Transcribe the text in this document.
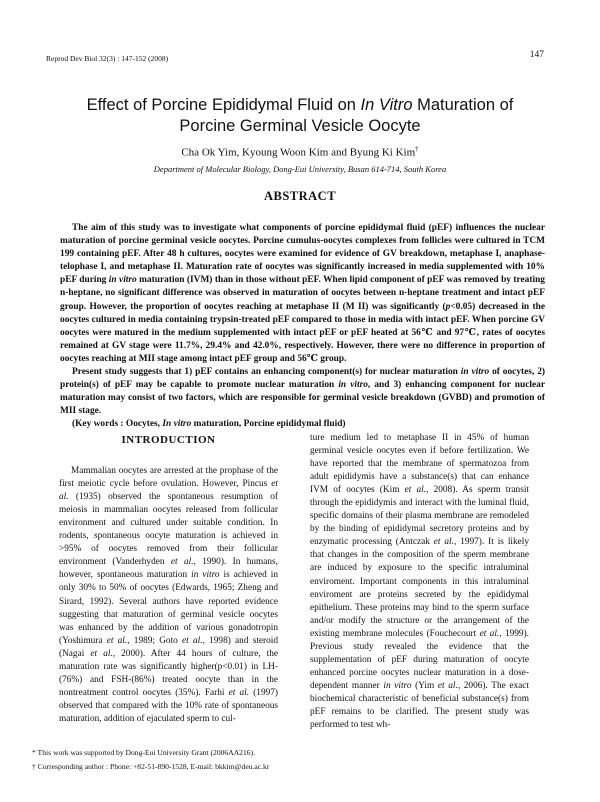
Reprod Dev Biol 32(3) : 147-152 (2008)	147
Effect of Porcine Epididymal Fluid on In Vitro Maturation of
Porcine Germinal Vesicle Oocyte
Cha Ok Yim, Kyoung Woon Kim and Byung Ki Kim†
Department of Molecular Biology, Dong-Eui University, Busan 614-714, South Korea
ABSTRACT

The aim of this study was to investigate what components of porcine epididymal fluid (pEF) influences the nuclear maturation of porcine germinal vesicle oocytes. Porcine cumulus-oocytes complexes from follicles were cultured in TCM 199 containing pEF. After 48 h cultures, oocytes were examined for evidence of GV breakdown, metaphase I, anaphase-telophase I, and metaphase II. Maturation rate of oocytes was significantly increased in media supplemented with 10% pEF during in vitro maturation (IVM) than in those without pEF. When lipid component of pEF was removed by treating n-heptane, no significant difference was observed in maturation of oocytes between n-heptane treatment and intact pEF group. However, the proportion of oocytes reaching at metaphase II (M II) was significantly (p<0.05) decreased in the oocytes cultured in media containing trypsin-treated pEF compared to those in media with intact pEF. When porcine GV oocytes were matured in the medium supplemented with intact pEF or pEF heated at 56℃ and 97℃, rates of oocytes remained at GV stage were 11.7%, 29.4% and 42.0%, respectively. However, there were no difference in proportion of oocytes reaching at MII stage among intact pEF group and 56℃ group.

Present study suggests that 1) pEF contains an enhancing component(s) for nuclear maturation in vitro of oocytes, 2) protein(s) of pEF may be capable to promote nuclear maturation in vitro, and 3) enhancing component for nuclear maturation may consist of two factors, which are responsible for germinal vesicle breakdown (GVBD) and promotion of MII stage.

(Key words : Oocytes, In vitro maturation, Porcine epididymal fluid)

INTRODUCTION

Mammalian oocytes are arrested at the prophase of the first meiotic cycle before ovulation. However, Pincus et al. (1935) observed the spontaneous resumption of meiosis in mammalian oocytes released from follicular environment and cultured under suitable condition. In rodents, spontaneous oocyte maturation is achieved in >95% of oocytes removed from their follicular environment (Vanderhyden et al., 1990). In humans, however, spontaneous maturation in vitro is achieved in only 30% to 50% of oocytes (Edwards, 1965; Zheng and Sirard, 1992). Several authors have reported evidence suggesting that maturation of germinal vesicle oocytes was enhanced by the addition of various gonadotropin (Yoshimura et al., 1989; Goto et al., 1998) and steroid (Nagai et al., 2000). After 44 hours of culture, the maturation rate was significantly higher(p<0.01) in LH-(76%) and FSH-(86%) treated oocyte than in the nontreatment control oocytes (35%). Farhi et al. (1997) observed that compared with the 10% rate of spontaneous maturation, addition of ejaculated sperm to cul-

ture medium led to metaphase II in 45% of human germinal vesicle oocytes even if before fertilization. We have reported that the membrane of spermatozoa from adult epididymis have a substance(s) that can enhance IVM of oocytes (Kim et al., 2008). As sperm transit through the epididymis and interact with the luminal fluid, specific domains of their plasma membrane are remodeled by the binding of epididymal secretory proteins and by enzymatic processing (Antczak et al., 1997). It is likely that changes in the composition of the sperm membrane are induced by exposure to the specific intraluminal enviroment. Important components in this intraluminal enviroment are proteins secreted by the epididymal epithelium. These proteins may bind to the sperm surface and/or modify the structure or the arrangement of the existing membrane molecules (Fouchecourt et al., 1999). Previous study revealed the evidence that the supplementation of pEF during maturation of oocyte enhanced porcine oocytes nuclear maturation in a dose-dependent manner in vitro (Yim et al., 2006). The exact biochemical characteristic of beneficial substance(s) from pEF remains to be clarified. The present study was performed to test wh-

* This work was supported by Dong-Eui University Grant (2006AA216).
† Corresponding author : Phone: +82-51-890-1528, E-mail: bkkim@deu.ac.kr
